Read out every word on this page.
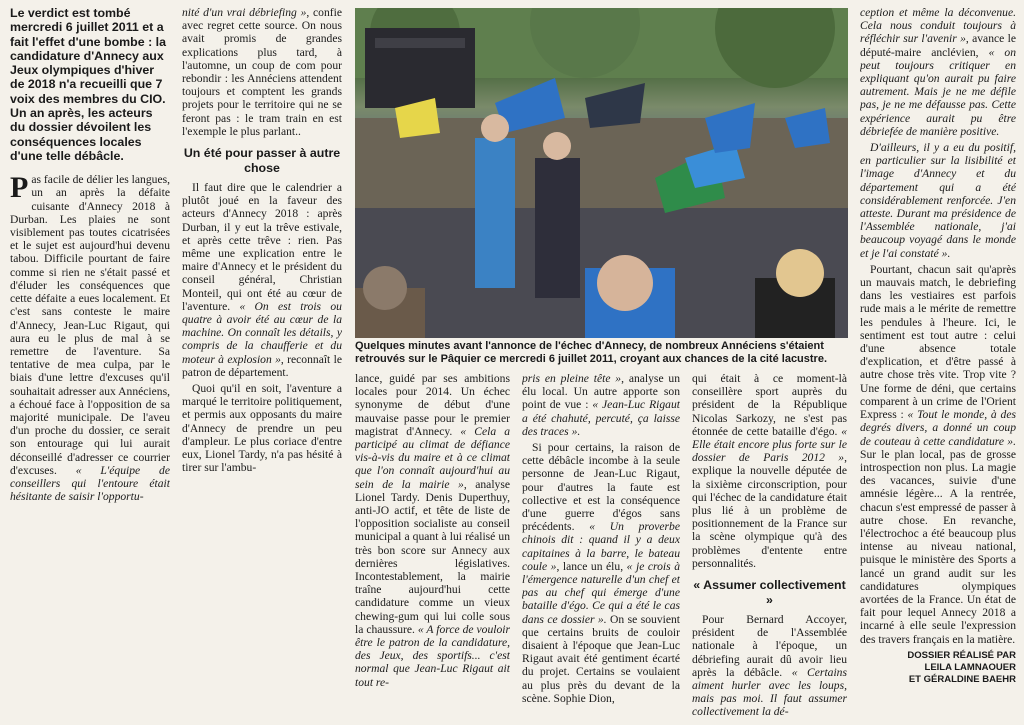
Le verdict est tombé mercredi 6 juillet 2011 et a fait l'effet d'une bombe : la candidature d'Annecy aux Jeux olympiques d'hiver de 2018 n'a recueilli que 7 voix des membres du CIO. Un an après, les acteurs du dossier dévoilent les conséquences locales d'une telle débâcle.

Pas facile de délier les langues, un an après la défaite cuisante d'Annecy 2018 à Durban. Les plaies ne sont visiblement pas toutes cicatrisées et le sujet est aujourd'hui devenu tabou. Difficile pourtant de faire comme si rien ne s'était passé et d'éluder les conséquences que cette défaite a eues localement. Et c'est sans conteste le maire d'Annecy, Jean-Luc Rigaut, qui aura eu le plus de mal à se remettre de l'aventure. Sa tentative de mea culpa, par le biais d'une lettre d'excuses qu'il souhaitait adresser aux Annéciens, a échoué face à l'opposition de sa majorité municipale. De l'aveu d'un proche du dossier, ce serait son entourage qui lui aurait déconseillé d'adresser ce courrier d'excuses. « L'équipe de conseillers qui l'entoure était hésitante de saisir l'opportu-

nité d'un vrai débriefing », confie avec regret cette source. On nous avait promis de grandes explications plus tard, à l'automne, un coup de com pour rebondir : les Annéciens attendent toujours et comptent les grands projets pour le territoire qui ne se feront pas : le tram train en est l'exemple le plus parlant..

Un été pour passer à autre chose

Il faut dire que le calendrier a plutôt joué en la faveur des acteurs d'Annecy 2018 : après Durban, il y eut la trêve estivale, et après cette trêve : rien. Pas même une explication entre le maire d'Annecy et le président du conseil général, Christian Monteil, qui ont été au cœur de l'aventure. « On est trois ou quatre à avoir été au cœur de la machine. On connaît les détails, y compris de la chaufferie et du moteur à explosion », reconnaît le patron de département.

Quoi qu'il en soit, l'aventure a marqué le territoire politiquement, et permis aux opposants du maire d'Annecy de prendre un peu d'ampleur. Le plus coriace d'entre eux, Lionel Tardy, n'a pas hésité à tirer sur l'ambu-

Quelques minutes avant l'annonce de l'échec d'Annecy, de nombreux Annéciens s'étaient retrouvés sur le Pâquier ce mercredi 6 juillet 2011, croyant aux chances de la cité lacustre.

lance, guidé par ses ambitions locales pour 2014. Un échec synonyme de début d'une mauvaise passe pour le premier magistrat d'Annecy. « Cela a participé au climat de défiance vis-à-vis du maire et à ce climat que l'on connaît aujourd'hui au sein de la mairie », analyse Lionel Tardy. Denis Duperthuy, anti-JO actif, et tête de liste de l'opposition socialiste au conseil municipal a quant à lui réalisé un très bon score sur Annecy aux dernières législatives. Incontestablement, la mairie traîne aujourd'hui cette candidature comme un vieux chewing-gum qui lui colle sous la chaussure. « A force de vouloir être le patron de la candidature, des Jeux, des sportifs... c'est normal que Jean-Luc Rigaut ait tout re-

pris en pleine tête », analyse un élu local. Un autre apporte son point de vue : « Jean-Luc Rigaut a été chahuté, percuté, ça laisse des traces ».

Si pour certains, la raison de cette débâcle incombe à la seule personne de Jean-Luc Rigaut, pour d'autres la faute est collective et est la conséquence d'une guerre d'égos sans précédents. « Un proverbe chinois dit : quand il y a deux capitaines à la barre, le bateau coule », lance un élu, « je crois à l'émergence naturelle d'un chef et pas au chef qui émerge d'une bataille d'égo. Ce qui a été le cas dans ce dossier ». On se souvient que certains bruits de couloir disaient à l'époque que Jean-Luc Rigaut avait été gentiment écarté du projet. Certains se voulaient au plus près du devant de la scène. Sophie Dion,

qui était à ce moment-là conseillère sport auprès du président de la République Nicolas Sarkozy, ne s'est pas étonnée de cette bataille d'égo. « Elle était encore plus forte sur le dossier de Paris 2012 », explique la nouvelle députée de la sixième circonscription, pour qui l'échec de la candidature était plus lié à un problème de positionnement de la France sur la scène olympique qu'à des problèmes d'entente entre personnalités.

« Assumer collectivement »

Pour Bernard Accoyer, président de l'Assemblée nationale à l'époque, un débriefing aurait dû avoir lieu après la débâcle. « Certains aiment hurler avec les loups, mais pas moi. Il faut assumer collectivement la dé-

ception et même la déconvenue. Cela nous conduit toujours à réfléchir sur l'avenir », avance le député-maire anclévien, « on peut toujours critiquer en expliquant qu'on aurait pu faire autrement. Mais je ne me défile pas, je ne me défausse pas. Cette expérience aurait pu être débriefée de manière positive.

D'ailleurs, il y a eu du positif, en particulier sur la lisibilité et l'image d'Annecy et du département qui a été considérablement renforcée. J'en atteste. Durant ma présidence de l'Assemblée nationale, j'ai beaucoup voyagé dans le monde et je l'ai constaté ».

Pourtant, chacun sait qu'après un mauvais match, le debriefing dans les vestiaires est parfois rude mais a le mérite de remettre les pendules à l'heure. Ici, le sentiment est tout autre : celui d'une absence totale d'explication, et d'être passé à autre chose très vite. Trop vite ? Une forme de déni, que certains comparent à un crime de l'Orient Express : « Tout le monde, à des degrés divers, a donné un coup de couteau à cette candidature ». Sur le plan local, pas de grosse introspection non plus. La magie des vacances, suivie d'une amnésie légère... A la rentrée, chacun s'est empressé de passer à autre chose. En revanche, l'électrochoc a été beaucoup plus intense au niveau national, puisque le ministère des Sports a lancé un grand audit sur les candidatures olympiques avortées de la France. Un état de fait pour lequel Annecy 2018 a incarné à elle seule l'expression des travers français en la matière.

DOSSIER RÉALISÉ PAR
LEILA LAMNAOUER
ET GÉRALDINE BAEHR
